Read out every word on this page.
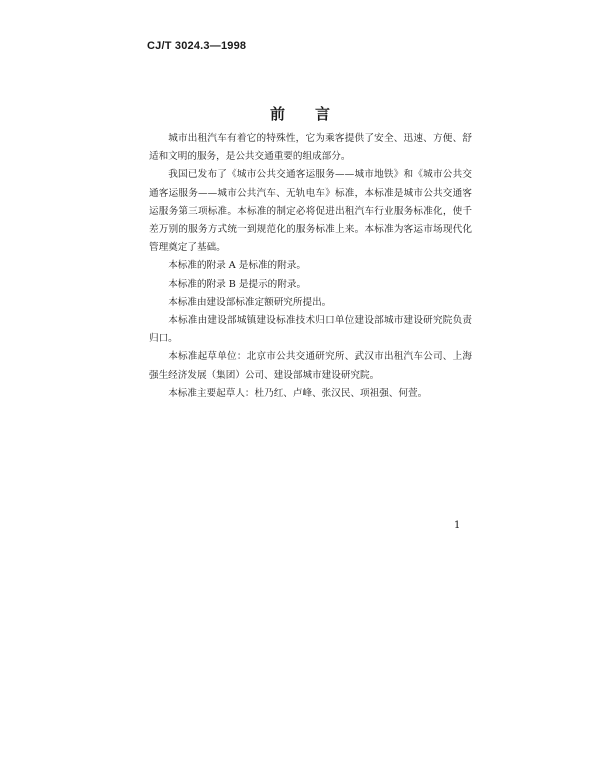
CJ/T 3024.3—1998
前言

城市出租汽车有着它的特殊性，它为乘客提供了安全、迅速、方便、舒适和文明的服务，是公共交通重要的组成部分。

我国已发布了《城市公共交通客运服务——城市地铁》和《城市公共交通客运服务——城市公共汽车、无轨电车》标准，本标准是城市公共交通客运服务第三项标准。本标准的制定必将促进出租汽车行业服务标准化，使千差万别的服务方式统一到规范化的服务标准上来。本标准为客运市场现代化管理奠定了基础。

本标准的附录 A 是标准的附录。

本标准的附录 B 是提示的附录。

本标准由建设部标准定额研究所提出。

本标准由建设部城镇建设标准技术归口单位建设部城市建设研究院负责归口。

本标准起草单位：北京市公共交通研究所、武汉市出租汽车公司、上海强生经济发展（集团）公司、建设部城市建设研究院。

本标准主要起草人：杜乃红、卢峰、张汉民、项祖强、何萱。

1
